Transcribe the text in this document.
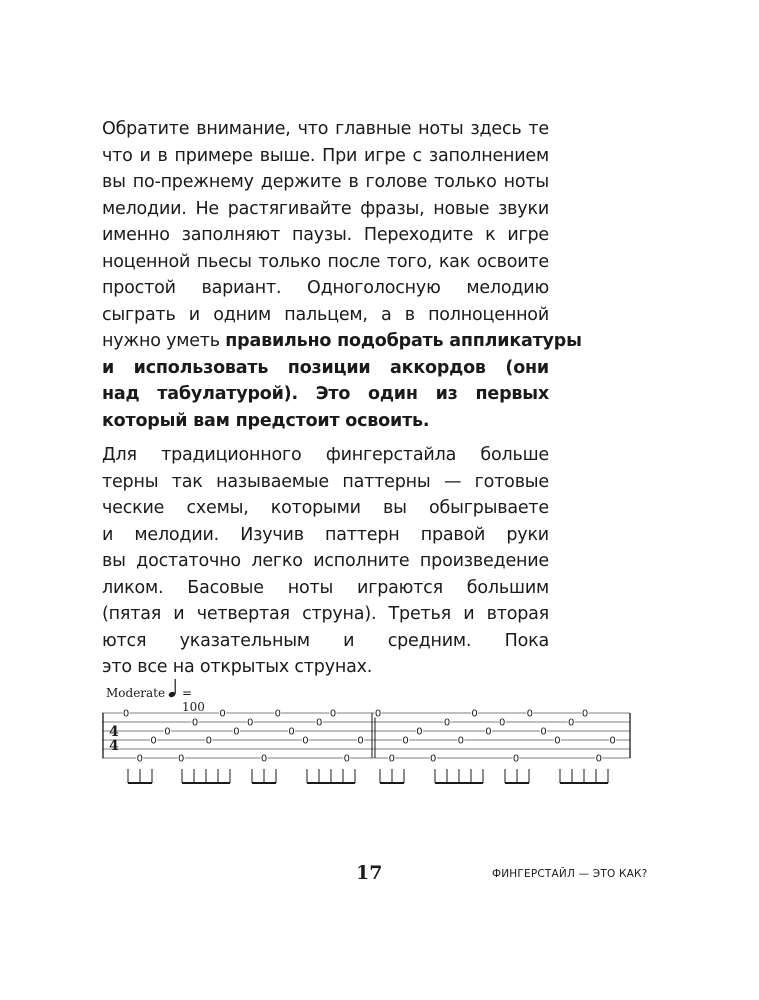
Обратите внимание, что главные ноты здесь те
что и в примере выше. При игре с заполнением
вы по-прежнему держите в голове только ноты
мелодии. Не растягивайте фразы, новые звуки
именно заполняют паузы. Переходите к игре
ноценной пьесы только после того, как освоите
простой вариант. Одноголосную мелодию
сыграть и одним пальцем, а в полноценной
нужно уметь правильно подобрать аппликатуры
и использовать позиции аккордов (они
над табулатурой). Это один из первых
который вам предстоит освоить.
Для традиционного фингерстайла больше
терны так называемые паттерны — готовые
ческие схемы, которыми вы обыгрываете
и мелодии. Изучив паттерн правой руки
вы достаточно легко исполните произведение
ликом. Басовые ноты играются большим
(пятая и четвертая струна). Третья и вторая
ются указательным и средним. Пока
это все на открытых струнах.
Moderate = 100
4
4
0
0
0
0
0
0
0
0
0
0
0
0
0
0
0
0
0
0
0
0
0
0
0
0
0
0
0
0
0
0
0
0
0
0
0
0
17	ФИНГЕРСТАЙЛ — ЭТО КАК?
